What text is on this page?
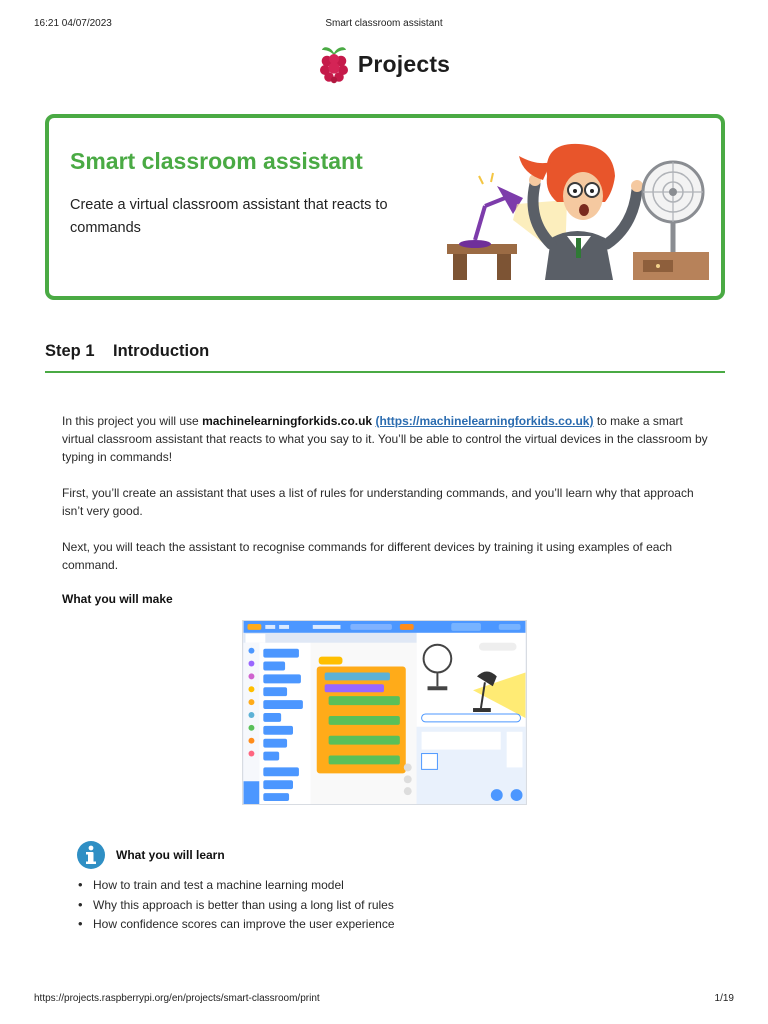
16:21 04/07/2023	Smart classroom assistant
Projects
Smart classroom assistant
Create a virtual classroom assistant that reacts to commands
Step 1 Introduction

In this project you will use machinelearningforkids.co.uk (https://machinelearningforkids.co.uk) to make a smart virtual classroom assistant that reacts to what you say to it. You’ll be able to control the virtual devices in the classroom by typing in commands!

First, you’ll create an assistant that uses a list of rules for understanding commands, and you’ll learn why that approach isn’t very good.

Next, you will teach the assistant to recognise commands for different devices by training it using examples of each command.

What you will make
What you will learn
• How to train and test a machine learning model
• Why this approach is better than using a long list of rules
• How confidence scores can improve the user experience
https://projects.raspberrypi.org/en/projects/smart-classroom/print	1/19
